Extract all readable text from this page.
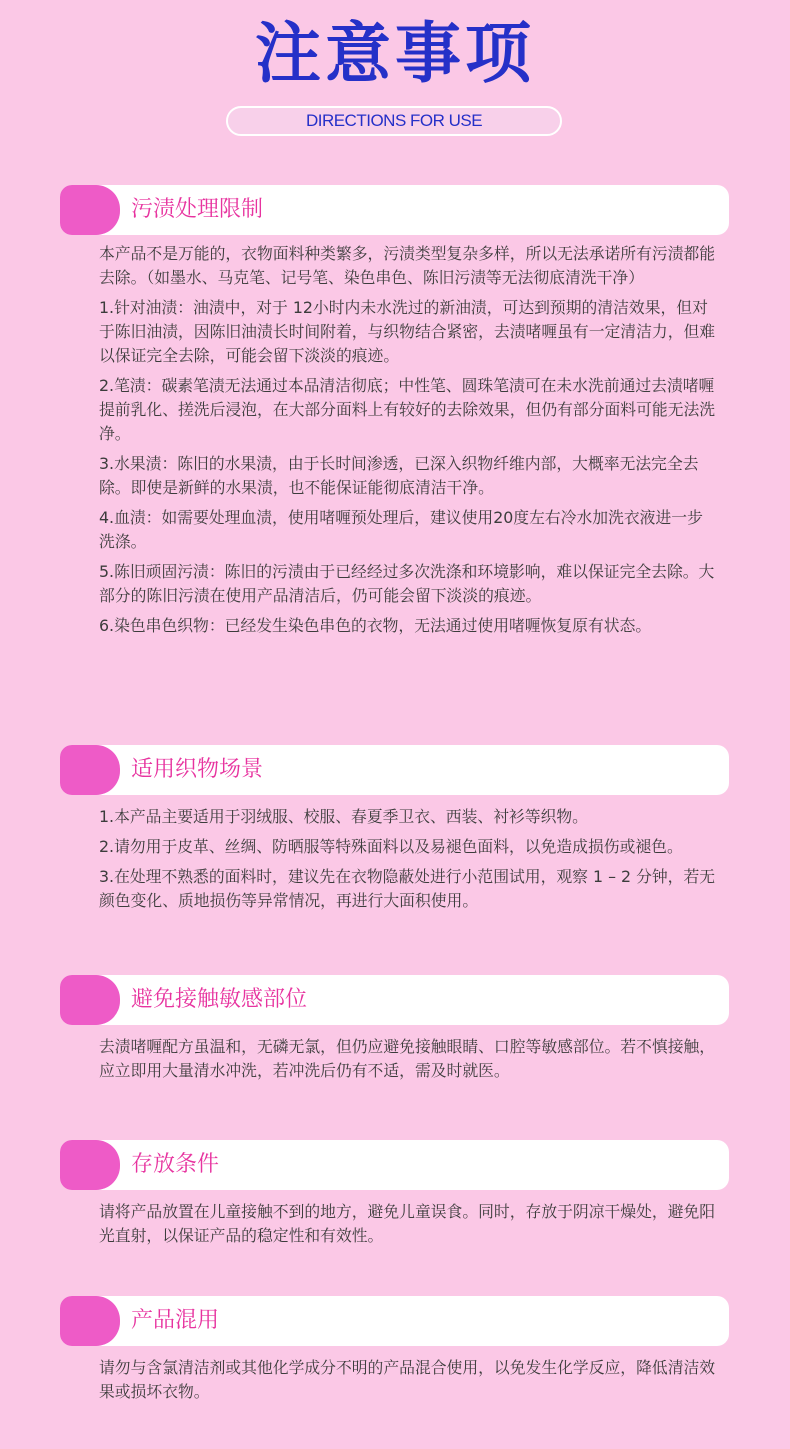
注意事项
DIRECTIONS FOR USE
污渍处理限制

本产品不是万能的，衣物面料种类繁多，污渍类型复杂多样，所以无法承诺所有污渍都能去除。（如墨水、马克笔、记号笔、染色串色、陈旧污渍等无法彻底清洗干净）

1.针对油渍：油渍中，对于 12小时内未水洗过的新油渍，可达到预期的清洁效果，但对于陈旧油渍，因陈旧油渍长时间附着，与织物结合紧密，去渍啫喱虽有一定清洁力，但难以保证完全去除，可能会留下淡淡的痕迹。

2.笔渍：碳素笔渍无法通过本品清洁彻底；中性笔、圆珠笔渍可在未水洗前通过去渍啫喱提前乳化、搓洗后浸泡，在大部分面料上有较好的去除效果，但仍有部分面料可能无法洗净。

3.水果渍：陈旧的水果渍，由于长时间渗透，已深入织物纤维内部，大概率无法完全去除。即使是新鲜的水果渍，也不能保证能彻底清洁干净。

4.血渍：如需要处理血渍，使用啫喱预处理后，建议使用20度左右冷水加洗衣液进一步洗涤。

5.陈旧顽固污渍：陈旧的污渍由于已经经过多次洗涤和环境影响，难以保证完全去除。大部分的陈旧污渍在使用产品清洁后，仍可能会留下淡淡的痕迹。

6.染色串色织物：已经发生染色串色的衣物，无法通过使用啫喱恢复原有状态。

适用织物场景

1.本产品主要适用于羽绒服、校服、春夏季卫衣、西装、衬衫等织物。

2.请勿用于皮革、丝绸、防晒服等特殊面料以及易褪色面料，以免造成损伤或褪色。

3.在处理不熟悉的面料时，建议先在衣物隐蔽处进行小范围试用，观察 1 – 2 分钟，若无颜色变化、质地损伤等异常情况，再进行大面积使用。

避免接触敏感部位

去渍啫喱配方虽温和，无磷无氯，但仍应避免接触眼睛、口腔等敏感部位。若不慎接触，应立即用大量清水冲洗，若冲洗后仍有不适，需及时就医。

存放条件

请将产品放置在儿童接触不到的地方，避免儿童误食。同时，存放于阴凉干燥处，避免阳光直射，以保证产品的稳定性和有效性。

产品混用

请勿与含氯清洁剂或其他化学成分不明的产品混合使用，以免发生化学反应，降低清洁效果或损坏衣物。
